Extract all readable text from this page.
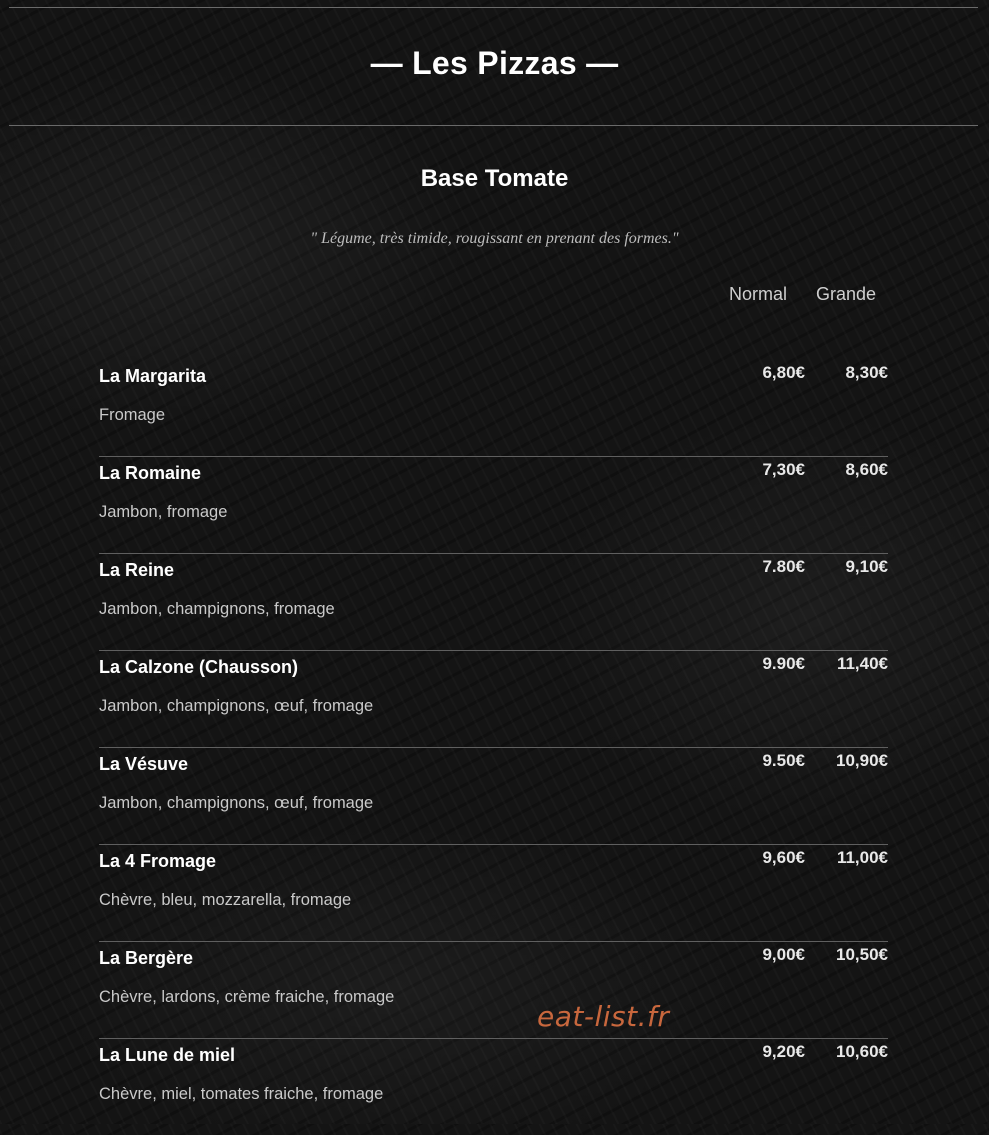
— Les Pizzas —
Base Tomate
" Légume, très timide, rougissant en prenant des formes."
Normal Grande
La Margarita
Fromage
6,80€ 8,30€
La Romaine
Jambon, fromage
7,30€ 8,60€
La Reine
Jambon, champignons, fromage
7.80€ 9,10€
La Calzone (Chausson)
Jambon, champignons, œuf, fromage
9.90€ 11,40€
La Vésuve
Jambon, champignons, œuf, fromage
9.50€ 10,90€
La 4 Fromage
Chèvre, bleu, mozzarella, fromage
9,60€ 11,00€
La Bergère
Chèvre, lardons, crème fraiche, fromage
9,00€ 10,50€
La Lune de miel
Chèvre, miel, tomates fraiche, fromage
9,20€ 10,60€
eat-list.fr
